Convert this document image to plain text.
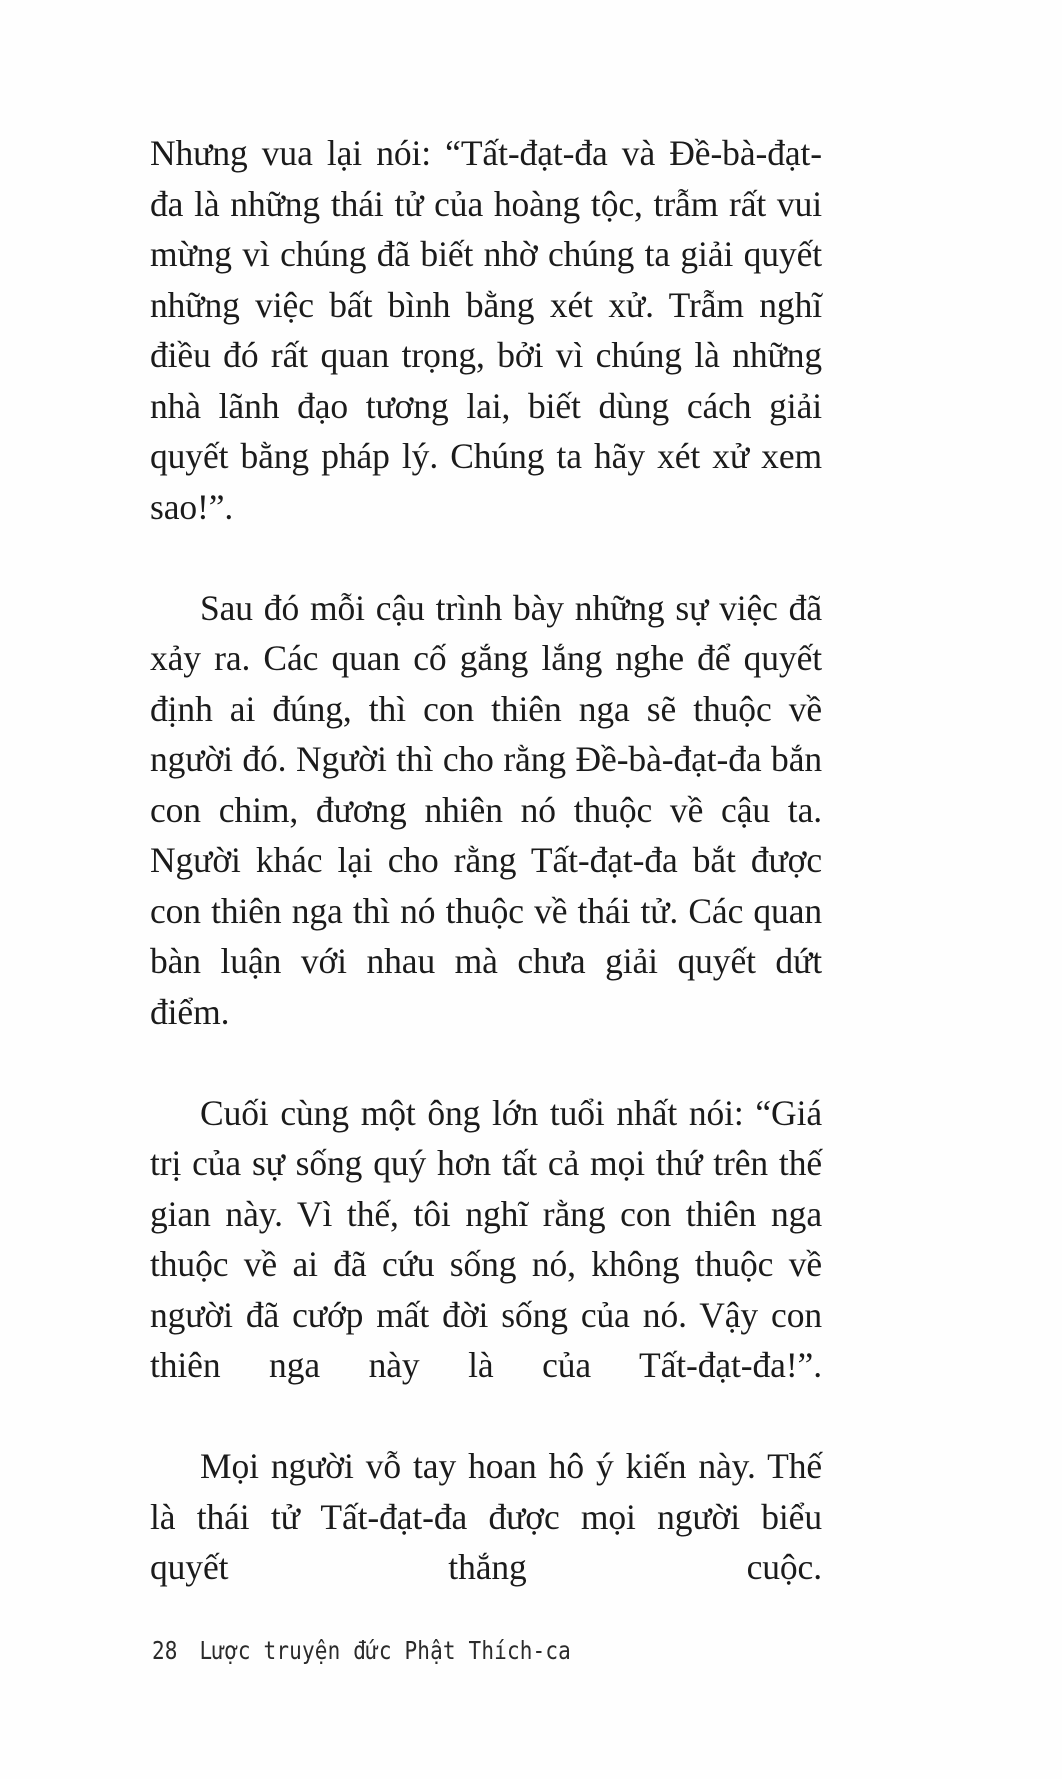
Nhưng vua lại nói: “Tất-đạt-đa và Đề-bà-đạt-đa là những thái tử của hoàng tộc, trẫm rất vui mừng vì chúng đã biết nhờ chúng ta giải quyết những việc bất bình bằng xét xử. Trẫm nghĩ điều đó rất quan trọng, bởi vì chúng là những nhà lãnh đạo tương lai, biết dùng cách giải quyết bằng pháp lý. Chúng ta hãy xét xử xem sao!”.

Sau đó mỗi cậu trình bày những sự việc đã xảy ra. Các quan cố gắng lắng nghe để quyết định ai đúng, thì con thiên nga sẽ thuộc về người đó. Người thì cho rằng Đề-bà-đạt-đa bắn con chim, đương nhiên nó thuộc về cậu ta. Người khác lại cho rằng Tất-đạt-đa bắt được con thiên nga thì nó thuộc về thái tử. Các quan bàn luận với nhau mà chưa giải quyết dứt điểm.

Cuối cùng một ông lớn tuổi nhất nói: “Giá trị của sự sống quý hơn tất cả mọi thứ trên thế gian này. Vì thế, tôi nghĩ rằng con thiên nga thuộc về ai đã cứu sống nó, không thuộc về người đã cướp mất đời sống của nó. Vậy con thiên nga này là của Tất-đạt-đa!”.

Mọi người vỗ tay hoan hô ý kiến này. Thế là thái tử Tất-đạt-đa được mọi người biểu quyết thắng cuộc.

28 Lược truyện đức Phật Thích-ca
